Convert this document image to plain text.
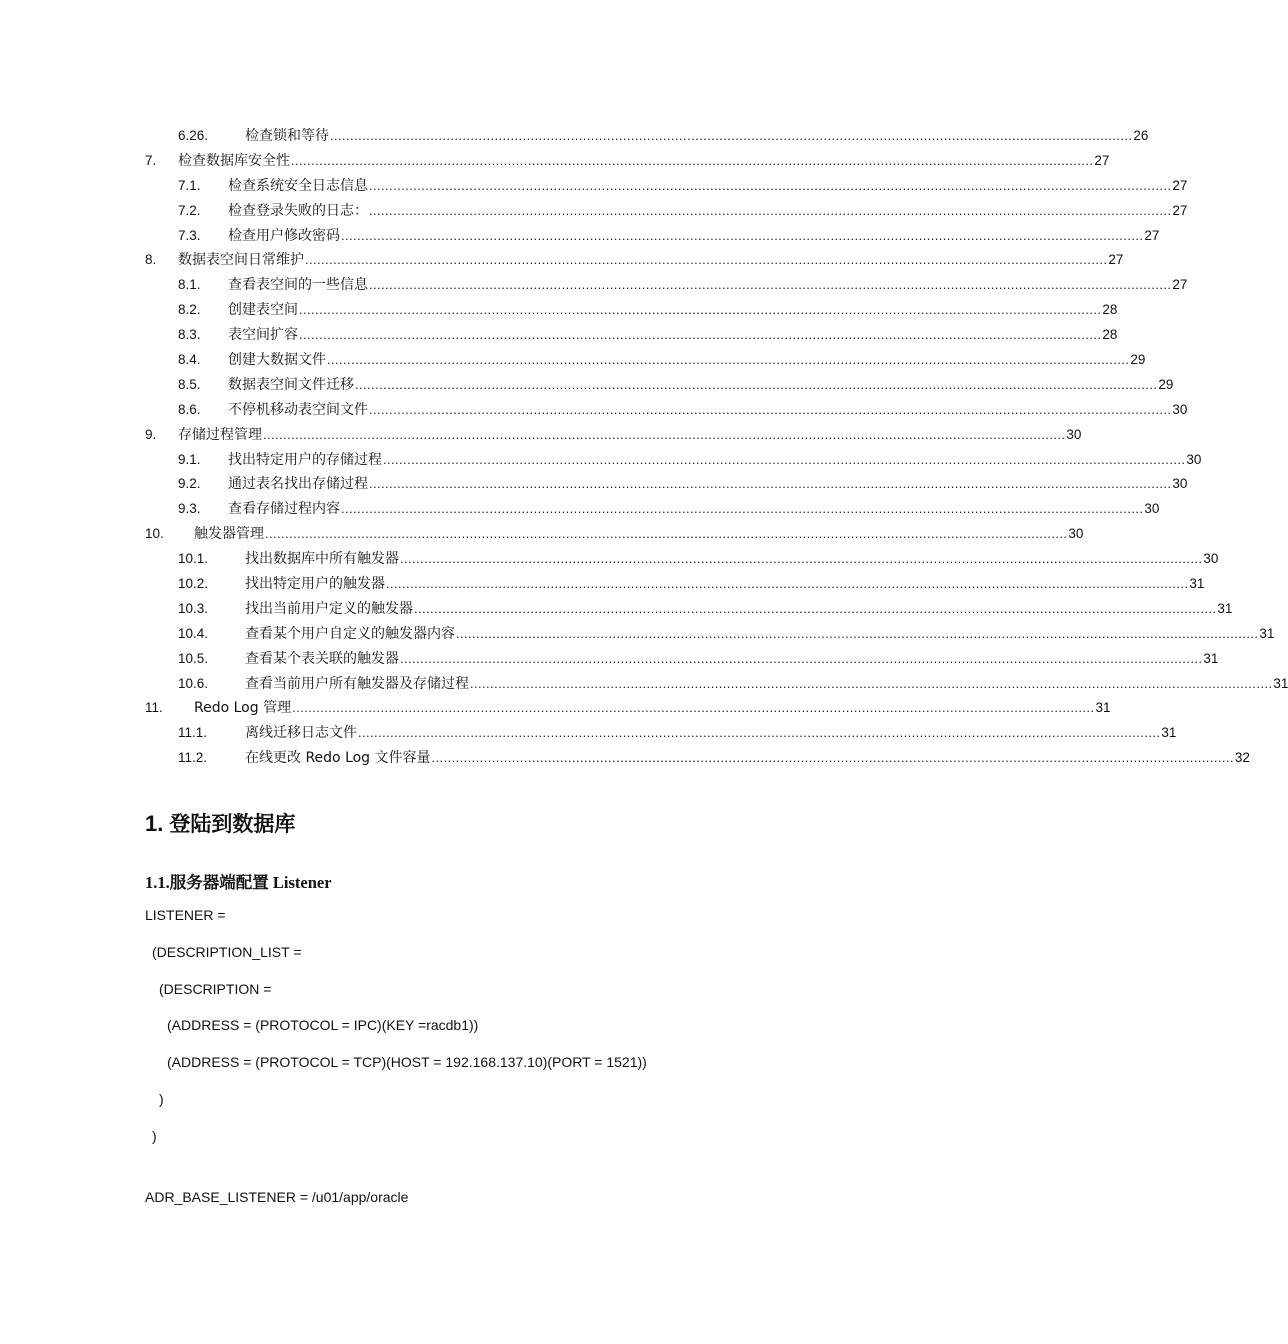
6.26.	检查锁和等待 ........................................................................................................................................................................................................ 26
7. 检查数据库安全性 ........................................................................................................................................................................................................ 27
7.1. 检查系统安全日志信息 ........................................................................................................................................................................................................ 27
7.2. 检查登录失败的日志： ........................................................................................................................................................................................................ 27
7.3. 检查用户修改密码 ........................................................................................................................................................................................................ 27
8. 数据表空间日常维护 ........................................................................................................................................................................................................ 27
8.1. 查看表空间的一些信息 ........................................................................................................................................................................................................ 27
8.2. 创建表空间 ........................................................................................................................................................................................................ 28
8.3. 表空间扩容 ........................................................................................................................................................................................................ 28
8.4. 创建大数据文件 ........................................................................................................................................................................................................ 29
8.5. 数据表空间文件迁移 ........................................................................................................................................................................................................ 29
8.6. 不停机移动表空间文件 ........................................................................................................................................................................................................ 30
9. 存储过程管理 ........................................................................................................................................................................................................ 30
9.1. 找出特定用户的存储过程 ........................................................................................................................................................................................................ 30
9.2. 通过表名找出存储过程 ........................................................................................................................................................................................................ 30
9.3. 查看存储过程内容 ........................................................................................................................................................................................................ 30
10. 触发器管理 ........................................................................................................................................................................................................ 30
10.1.	找出数据库中所有触发器 ........................................................................................................................................................................................................ 30
10.2.	找出特定用户的触发器 ........................................................................................................................................................................................................ 31
10.3.	找出当前用户定义的触发器 ........................................................................................................................................................................................................ 31
10.4.	查看某个用户自定义的触发器内容 ........................................................................................................................................................................................................ 31
10.5.	查看某个表关联的触发器 ........................................................................................................................................................................................................ 31
10.6.	查看当前用户所有触发器及存储过程 ........................................................................................................................................................................................................ 31
11. Redo Log 管理 ........................................................................................................................................................................................................ 31
11.1.	离线迁移日志文件 ........................................................................................................................................................................................................ 31
11.2.	在线更改 Redo Log 文件容量 ........................................................................................................................................................................................................ 32
1. 登陆到数据库
1.1.服务器端配置 Listener
LISTENER =
(DESCRIPTION_LIST =
(DESCRIPTION =
(ADDRESS = (PROTOCOL = IPC)(KEY =racdb1))
(ADDRESS = (PROTOCOL = TCP)(HOST = 192.168.137.10)(PORT = 1521))
)
)
ADR_BASE_LISTENER = /u01/app/oracle
